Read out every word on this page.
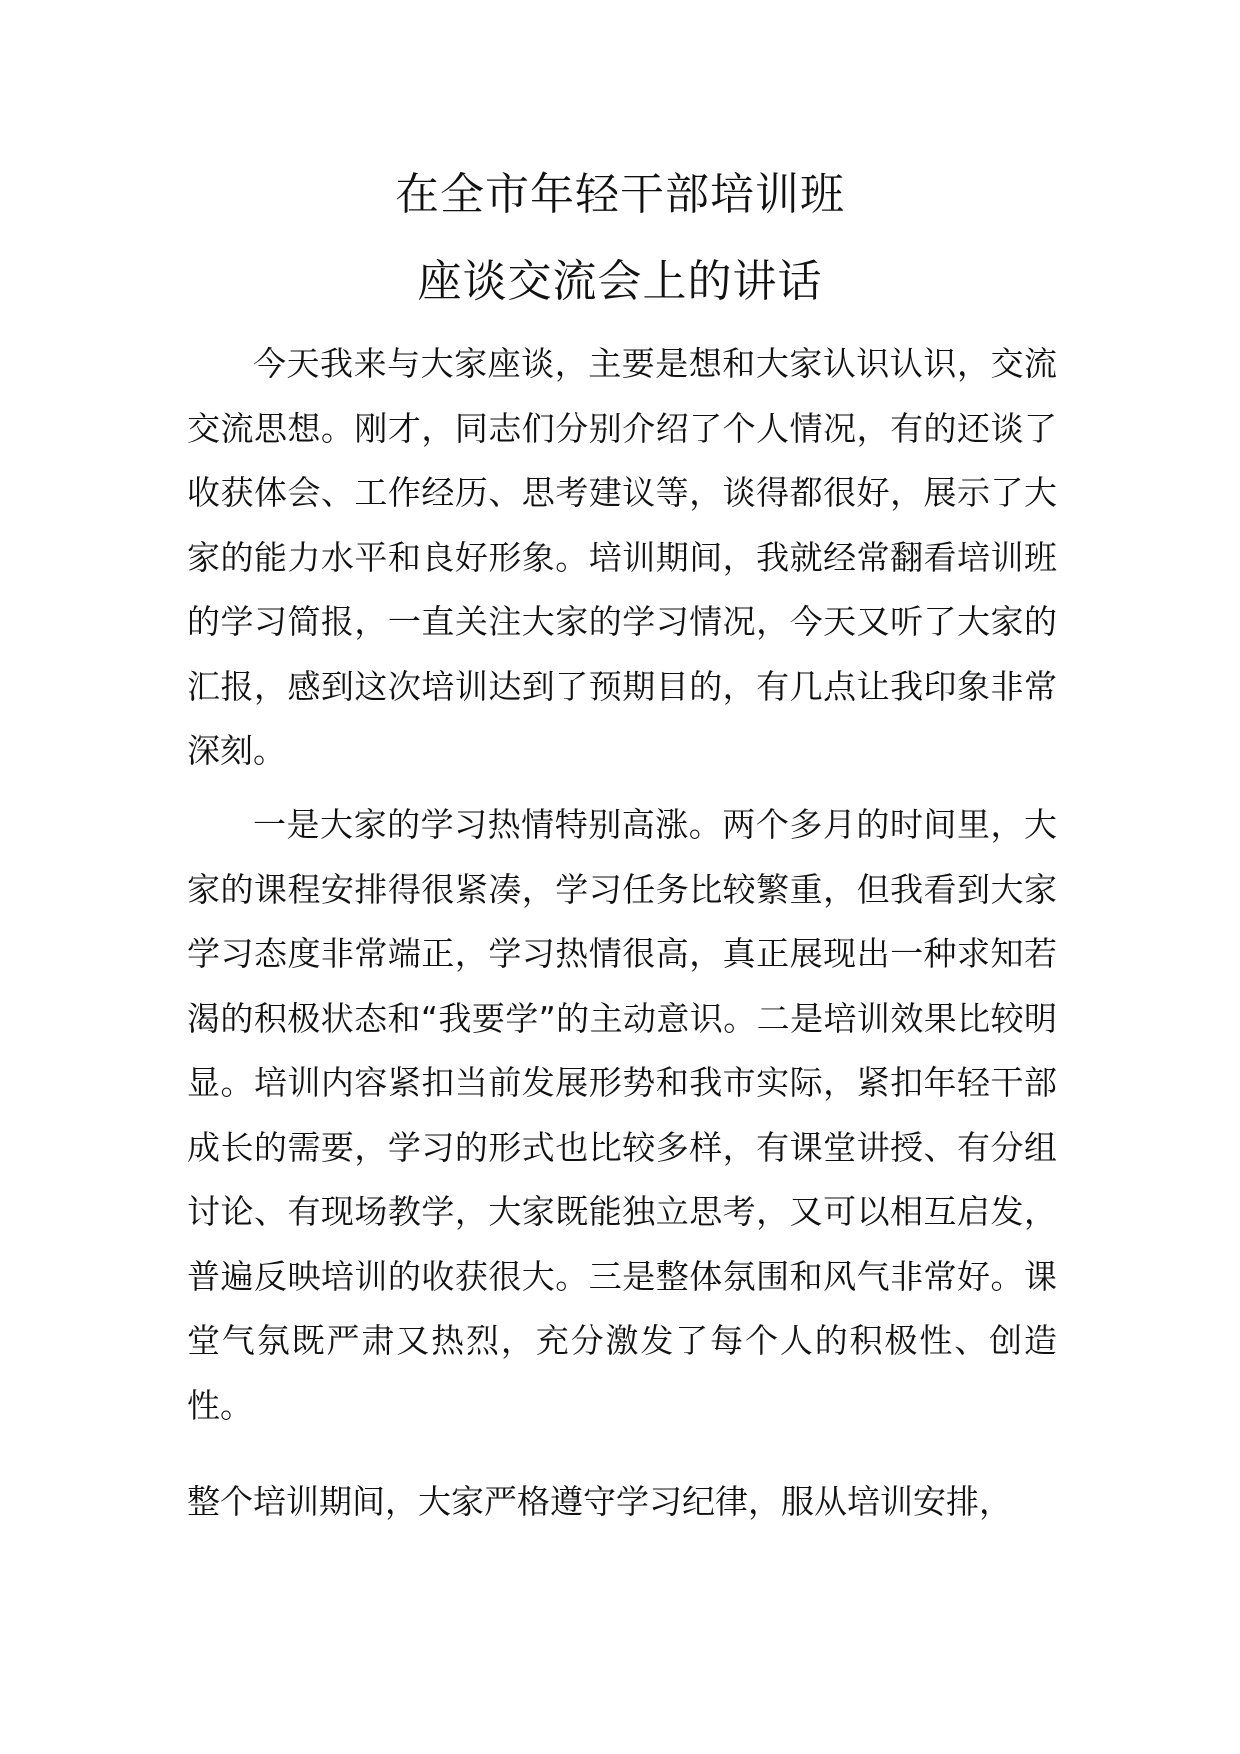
在全市年轻干部培训班
座谈交流会上的讲话

今天我来与大家座谈，主要是想和大家认识认识，交流交流思想。刚才，同志们分别介绍了个人情况，有的还谈了收获体会、工作经历、思考建议等，谈得都很好，展示了大家的能力水平和良好形象。培训期间，我就经常翻看培训班的学习简报，一直关注大家的学习情况，今天又听了大家的汇报，感到这次培训达到了预期目的，有几点让我印象非常深刻。

一是大家的学习热情特别高涨。两个多月的时间里，大家的课程安排得很紧凑，学习任务比较繁重，但我看到大家学习态度非常端正，学习热情很高，真正展现出一种求知若渴的积极状态和“我要学”的主动意识。二是培训效果比较明显。培训内容紧扣当前发展形势和我市实际，紧扣年轻干部成长的需要，学习的形式也比较多样，有课堂讲授、有分组讨论、有现场教学，大家既能独立思考，又可以相互启发，普遍反映培训的收获很大。三是整体氛围和风气非常好。课堂气氛既严肃又热烈，充分激发了每个人的积极性、创造性。

整个培训期间，大家严格遵守学习纪律，服从培训安排，
